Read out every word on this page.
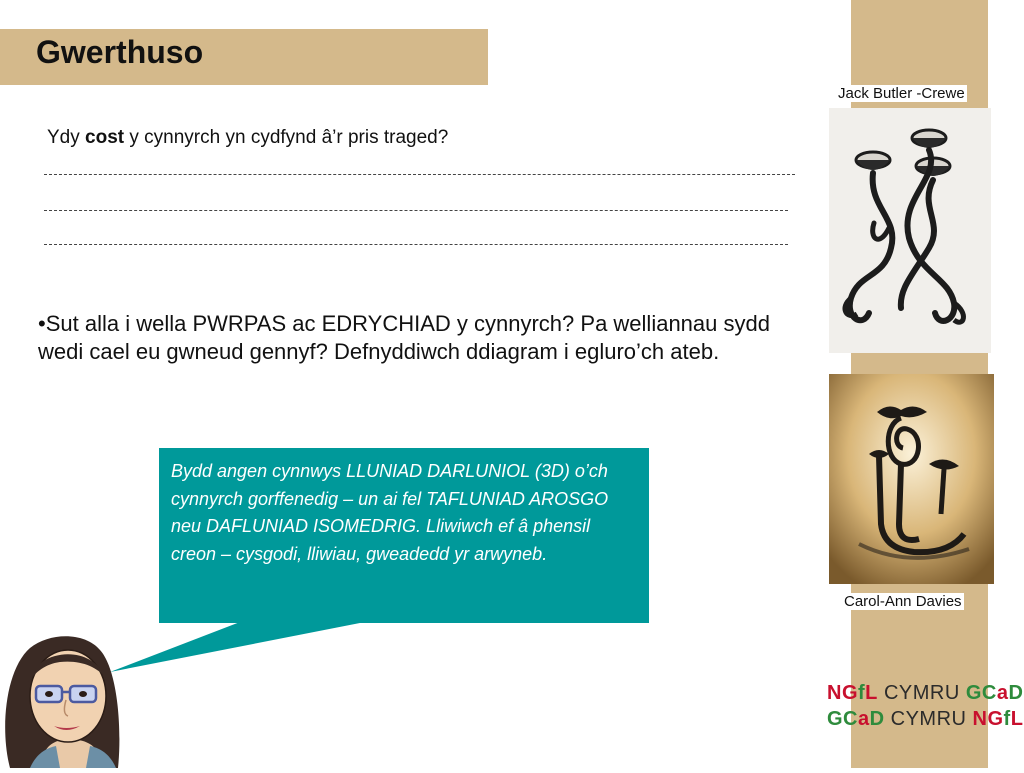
Gwerthuso
Jack Butler -Crewe
Carol-Ann Davies
Ydy cost y cynnyrch yn cydfynd â’r pris traged?
•Sut alla i wella PWRPAS ac EDRYCHIAD y cynnyrch? Pa welliannau sydd wedi cael eu gwneud gennyf? Defnyddiwch ddiagram i egluro’ch ateb.
Bydd angen cynnwys LLUNIAD DARLUNIOL (3D) o’ch cynnyrch gorffenedig – un ai fel TAFLUNIAD AROSGO neu DAFLUNIAD ISOMEDRIG. Lliwiwch ef â phensil creon – cysgodi, lliwiau, gweadedd yr arwyneb.
NGfL CYMRU GCaD
GCaD CYMRU NGfL
